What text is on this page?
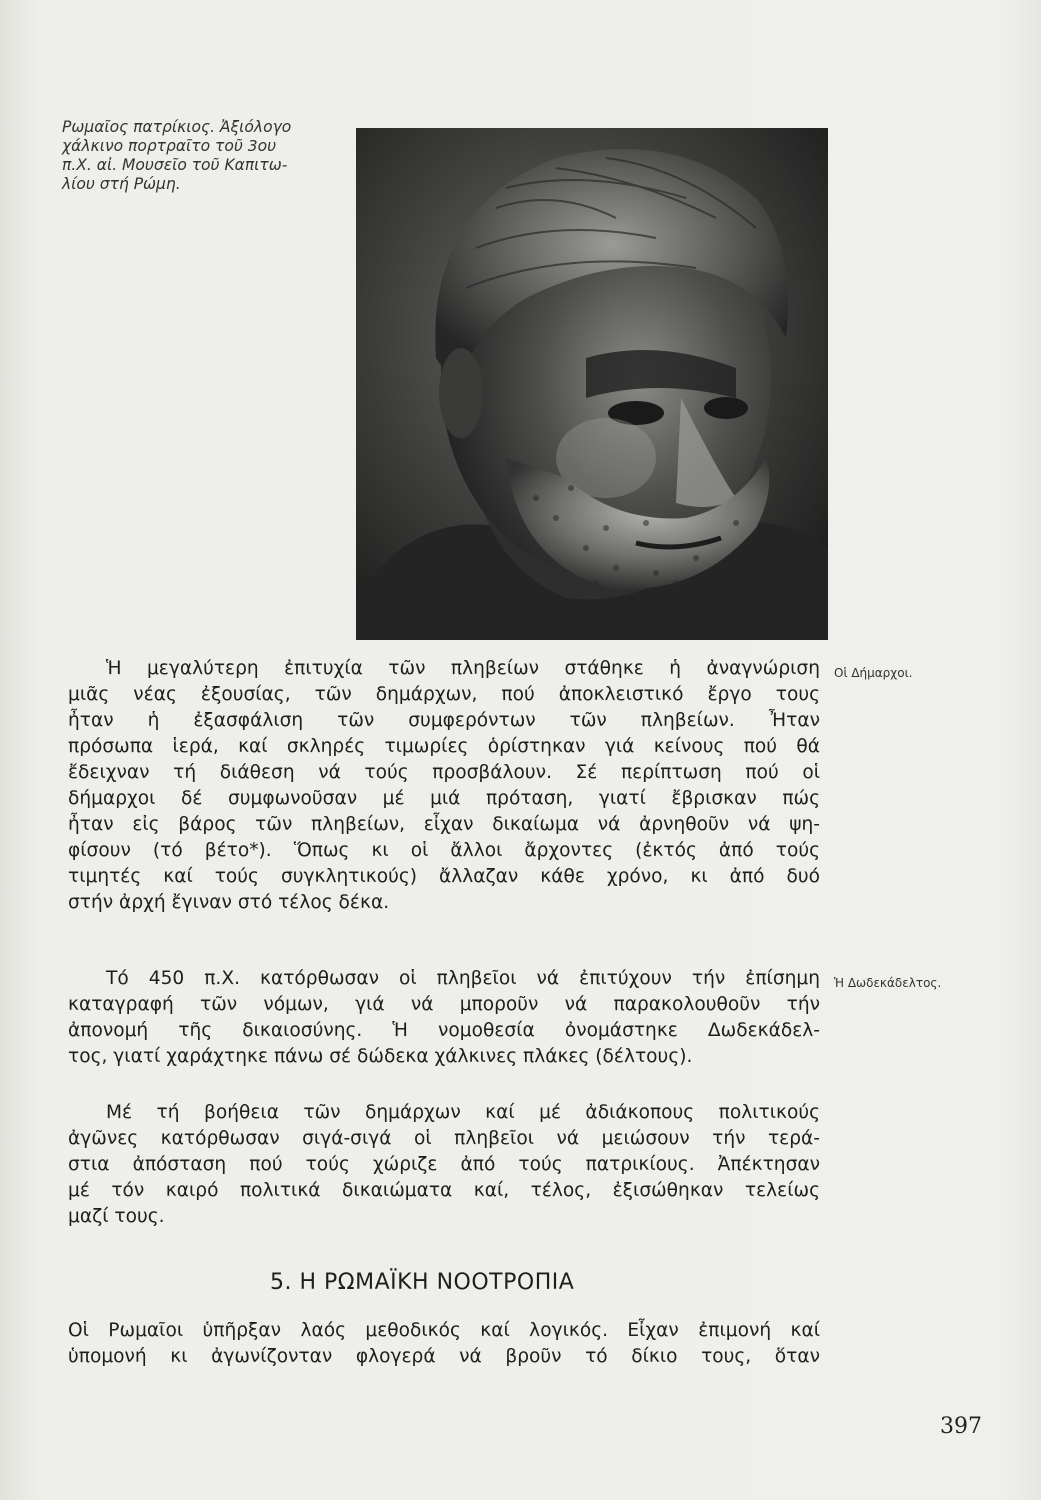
Ρωμαῖος πατρίκιος. Ἀξιόλογο
χάλκινο πορτραῖτο τοῦ 3ου
π.Χ. αἰ. Μουσεῖο τοῦ Καπιτω-
λίου στή Ρώμη.
Ἡ μεγαλύτερη ἐπιτυχία τῶν πληβείων στάθηκε ἡ ἀναγνώριση
μιᾶς νέας ἐξουσίας, τῶν δημάρχων, πού ἀποκλειστικό ἔργο τους
ἦταν ἡ ἐξασφάλιση τῶν συμφερόντων τῶν πληβείων. Ἦταν
πρόσωπα ἱερά, καί σκληρές τιμωρίες ὁρίστηκαν γιά κείνους πού θά
ἔδειχναν τή διάθεση νά τούς προσβάλουν. Σέ περίπτωση πού οἱ
δήμαρχοι δέ συμφωνοῦσαν μέ μιά πρόταση, γιατί ἔβρισκαν πώς
ἦταν εἰς βάρος τῶν πληβείων, εἶχαν δικαίωμα νά ἀρνηθοῦν νά ψη-
φίσουν (τό βέτο*). Ὅπως κι οἱ ἄλλοι ἄρχοντες (ἐκτός ἀπό τούς
τιμητές καί τούς συγκλητικούς) ἄλλαζαν κάθε χρόνο, κι ἀπό δυό
στήν ἀρχή ἔγιναν στό τέλος δέκα.
Οἱ Δήμαρχοι.
Τό 450 π.Χ. κατόρθωσαν οἱ πληβεῖοι νά ἐπιτύχουν τήν ἐπίσημη
καταγραφή τῶν νόμων, γιά νά μποροῦν νά παρακολουθοῦν τήν
ἀπονομή τῆς δικαιοσύνης. Ἡ νομοθεσία ὀνομάστηκε Δωδεκάδελ-
τος, γιατί χαράχτηκε πάνω σέ δώδεκα χάλκινες πλάκες (δέλτους).
Ἡ Δωδεκάδελτος.
Μέ τή βοήθεια τῶν δημάρχων καί μέ ἀδιάκοπους πολιτικούς
ἀγῶνες κατόρθωσαν σιγά-σιγά οἱ πληβεῖοι νά μειώσουν τήν τερά-
στια ἀπόσταση πού τούς χώριζε ἀπό τούς πατρικίους. Ἀπέκτησαν
μέ τόν καιρό πολιτικά δικαιώματα καί, τέλος, ἐξισώθηκαν τελείως
μαζί τους.
5. Η ΡΩΜΑΪΚΗ ΝΟΟΤΡΟΠΙΑ
Οἱ Ρωμαῖοι ὑπῆρξαν λαός μεθοδικός καί λογικός. Εἶχαν ἐπιμονή καί
ὑπομονή κι ἀγωνίζονταν φλογερά νά βροῦν τό δίκιο τους, ὅταν
397
